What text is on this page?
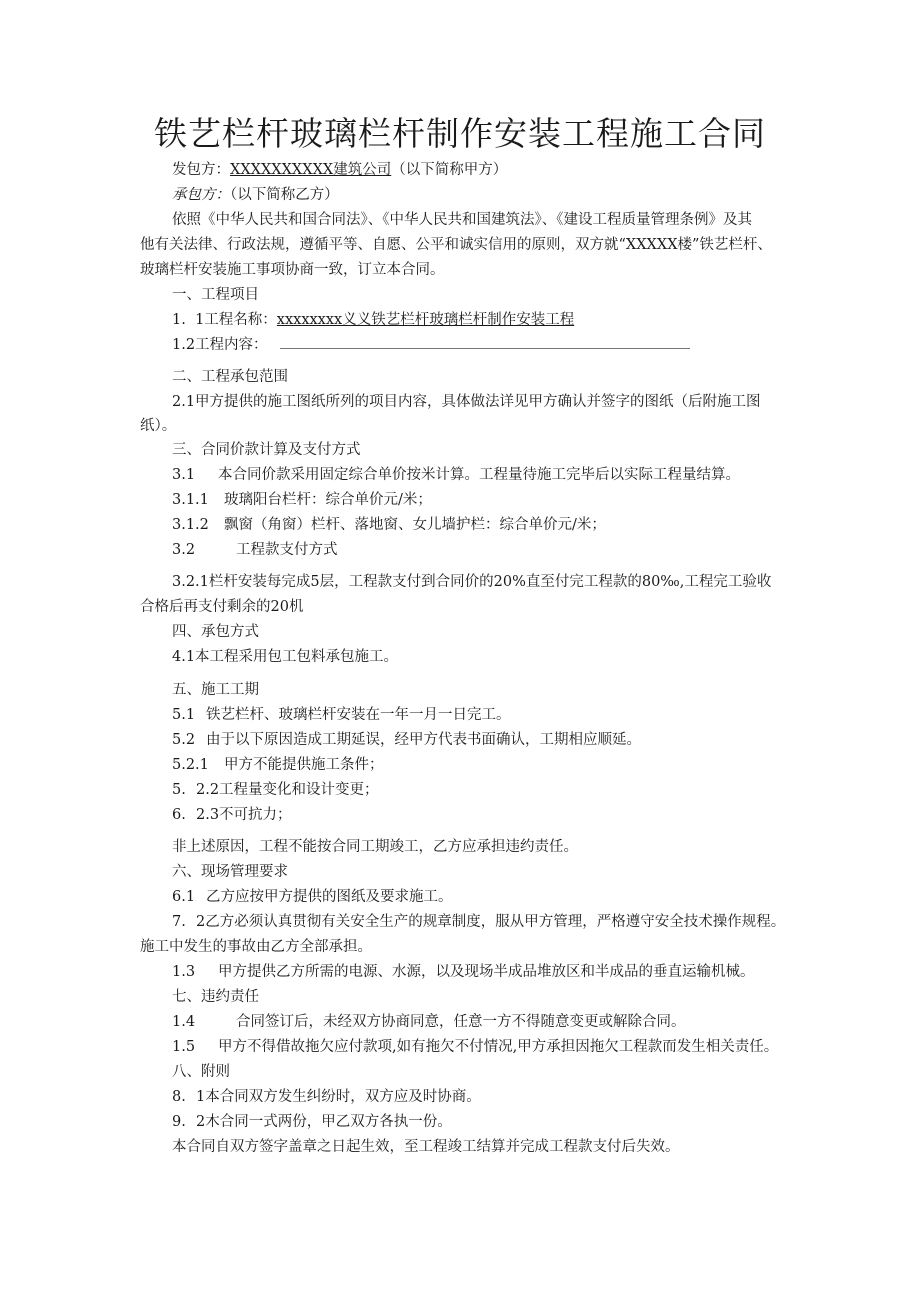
铁艺栏杆玻璃栏杆制作安装工程施工合同
发包方：XXXXXXXXXX建筑公司（以下简称甲方）
承包方：（以下简称乙方）
依照《中华人民共和国合同法》、《中华人民共和国建筑法》、《建设工程质量管理条例》及其
他有关法律、行政法规，遵循平等、自愿、公平和诚实信用的原则，双方就“XXXXX楼”铁艺栏杆、
玻璃栏杆安装施工事项协商一致，订立本合同。
一、工程项目
1. 1工程名称：xxxxxxxx义义铁艺栏杆玻璃栏杆制作安装工程
1.2工程内容：
二、工程承包范围
2.1甲方提供的施工图纸所列的项目内容，具体做法详见甲方确认并签字的图纸（后附施工图
纸）。
三、合同价款计算及支付方式
3.1 本合同价款采用固定综合单价按米计算。工程量待施工完毕后以实际工程量结算。
3.1.1 玻璃阳台栏杆：综合单价元/米；
3.1.2 飘窗（角窗）栏杆、落地窗、女儿墙护栏：综合单价元/米；
3.2	工程款支付方式
3.2.1栏杆安装每完成5层，工程款支付到合同价的20%直至付完工程款的80‰,工程完工验收
合格后再支付剩余的20机
四、承包方式
4.1本工程采用包工包料承包施工。
五、施工工期
5.1 铁艺栏杆、玻璃栏杆安装在一年一月一日完工。
5.2 由于以下原因造成工期延误，经甲方代表书面确认，工期相应顺延。
5.2.1 甲方不能提供施工条件；
5. 2.2工程量变化和设计变更；
6. 2.3不可抗力；
非上述原因，工程不能按合同工期竣工，乙方应承担违约责任。
六、现场管理要求
6.1 乙方应按甲方提供的图纸及要求施工。
7. 2乙方必须认真贯彻有关安全生产的规章制度，服从甲方管理，严格遵守安全技术操作规程。
施工中发生的事故由乙方全部承担。
1.3 甲方提供乙方所需的电源、水源，以及现场半成品堆放区和半成品的垂直运输机械。
七、违约责任
1.4	合同签订后，未经双方协商同意，任意一方不得随意变更或解除合同。
1.5 甲方不得借故拖欠应付款项,如有拖欠不付情况,甲方承担因拖欠工程款而发生相关责任。
八、附则
8. 1本合同双方发生纠纷时，双方应及时协商。
9. 2木合同一式两份，甲乙双方各执一份。
本合同自双方签字盖章之日起生效，至工程竣工结算并完成工程款支付后失效。
